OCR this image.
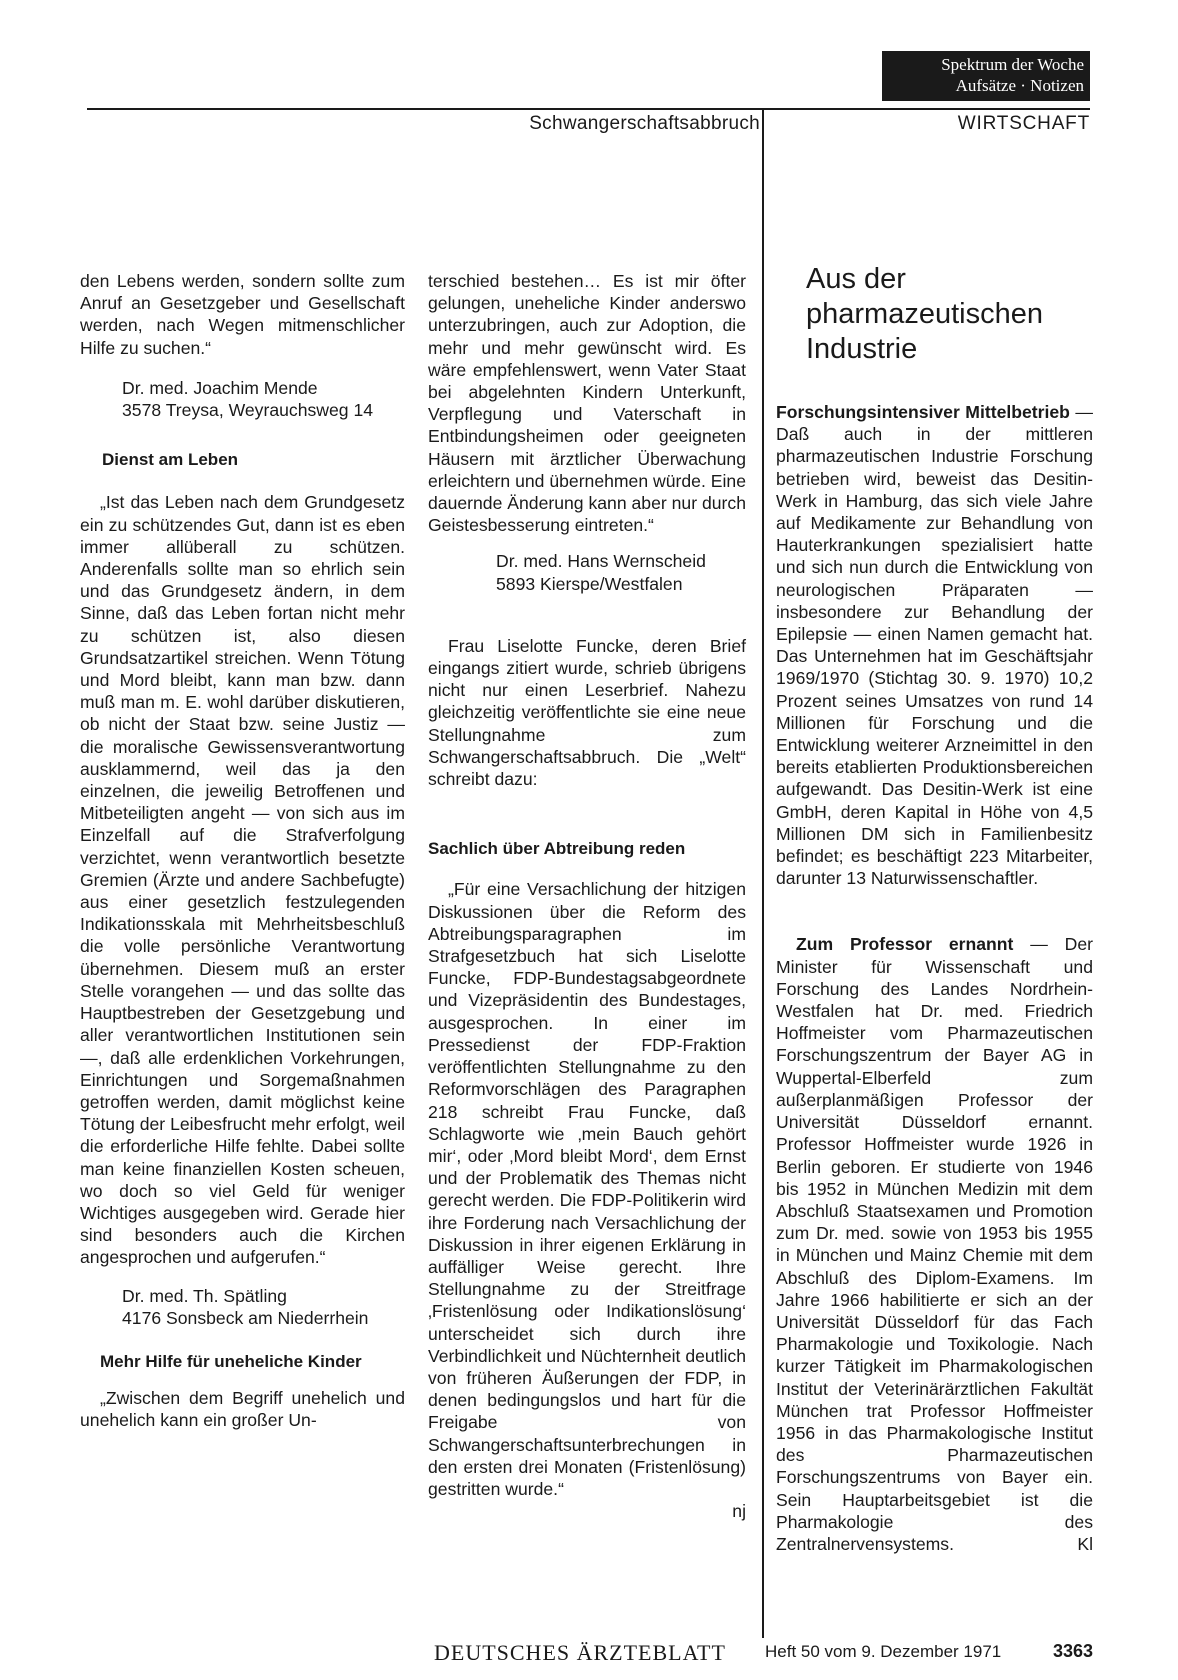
Spektrum der Woche
Aufsätze · Notizen
Schwangerschaftsabbruch	WIRTSCHAFT

den Lebens werden, sondern sollte zum Anruf an Gesetzgeber und Gesellschaft werden, nach Wegen mitmenschlicher Hilfe zu suchen.“

Dr. med. Joachim Mende

3578 Treysa, Weyrauchsweg 14

Dienst am Leben

„Ist das Leben nach dem Grundgesetz ein zu schützendes Gut, dann ist es eben immer allüberall zu schützen. Anderenfalls sollte man so ehrlich sein und das Grundgesetz ändern, in dem Sinne, daß das Leben fortan nicht mehr zu schützen ist, also diesen Grundsatzartikel streichen. Wenn Tötung und Mord bleibt, kann man bzw. dann muß man m. E. wohl darüber diskutieren, ob nicht der Staat bzw. seine Justiz — die moralische Gewissensverantwortung ausklammernd, weil das ja den einzelnen, die jeweilig Betroffenen und Mitbeteiligten angeht — von sich aus im Einzelfall auf die Strafverfolgung verzichtet, wenn verantwortlich besetzte Gremien (Ärzte und andere Sachbefugte) aus einer gesetzlich festzulegenden Indikationsskala mit Mehrheitsbeschluß die volle persönliche Verantwortung übernehmen. Diesem muß an erster Stelle vorangehen — und das sollte das Hauptbestreben der Gesetzgebung und aller verantwortlichen Institutionen sein —, daß alle erdenklichen Vorkehrungen, Einrichtungen und Sorgemaßnahmen getroffen werden, damit möglichst keine Tötung der Leibesfrucht mehr erfolgt, weil die erforderliche Hilfe fehlte. Dabei sollte man keine finanziellen Kosten scheuen, wo doch so viel Geld für weniger Wichtiges ausgegeben wird. Gerade hier sind besonders auch die Kirchen angesprochen und aufgerufen.“

Dr. med. Th. Spätling

4176 Sonsbeck am Niederrhein

Mehr Hilfe für uneheliche Kinder

„Zwischen dem Begriff unehelich und unehelich kann ein großer Un-

terschied bestehen… Es ist mir öfter gelungen, uneheliche Kinder anderswo unterzubringen, auch zur Adoption, die mehr und mehr gewünscht wird. Es wäre empfehlenswert, wenn Vater Staat bei abgelehnten Kindern Unterkunft, Verpflegung und Vaterschaft in Entbindungsheimen oder geeigneten Häusern mit ärztlicher Überwachung erleichtern und übernehmen würde. Eine dauernde Änderung kann aber nur durch Geistesbesserung eintreten.“

Dr. med. Hans Wernscheid

5893 Kierspe/Westfalen

Frau Liselotte Funcke, deren Brief eingangs zitiert wurde, schrieb übrigens nicht nur einen Leserbrief. Nahezu gleichzeitig veröffentlichte sie eine neue Stellungnahme zum Schwangerschaftsabbruch. Die „Welt“ schreibt dazu:

Sachlich über Abtreibung reden

„Für eine Versachlichung der hitzigen Diskussionen über die Reform des Abtreibungsparagraphen im Strafgesetzbuch hat sich Liselotte Funcke, FDP-Bundestagsabgeordnete und Vizepräsidentin des Bundestages, ausgesprochen. In einer im Pressedienst der FDP-Fraktion veröffentlichten Stellungnahme zu den Reformvorschlägen des Paragraphen 218 schreibt Frau Funcke, daß Schlagworte wie ‚mein Bauch gehört mir‘, oder ‚Mord bleibt Mord‘, dem Ernst und der Problematik des Themas nicht gerecht werden. Die FDP-Politikerin wird ihre Forderung nach Versachlichung der Diskussion in ihrer eigenen Erklärung in auffälliger Weise gerecht. Ihre Stellungnahme zu der Streitfrage ‚Fristenlösung oder Indikationslösung‘ unterscheidet sich durch ihre Verbindlichkeit und Nüchternheit deutlich von früheren Äußerungen der FDP, in denen bedingungslos und hart für die Freigabe von Schwangerschaftsunterbrechungen in den ersten drei Monaten (Fristenlösung) gestritten wurde.“

nj

Aus der pharmazeutischen Industrie

Forschungsintensiver Mittelbetrieb — Daß auch in der mittleren pharmazeutischen Industrie Forschung betrieben wird, beweist das Desitin-Werk in Hamburg, das sich viele Jahre auf Medikamente zur Behandlung von Hauterkrankungen spezialisiert hatte und sich nun durch die Entwicklung von neurologischen Präparaten — insbesondere zur Behandlung der Epilepsie — einen Namen gemacht hat. Das Unternehmen hat im Geschäftsjahr 1969/1970 (Stichtag 30. 9. 1970) 10,2 Prozent seines Umsatzes von rund 14 Millionen für Forschung und die Entwicklung weiterer Arzneimittel in den bereits etablierten Produktionsbereichen aufgewandt. Das Desitin-Werk ist eine GmbH, deren Kapital in Höhe von 4,5 Millionen DM sich in Familienbesitz befindet; es beschäftigt 223 Mitarbeiter, darunter 13 Naturwissenschaftler.

Zum Professor ernannt — Der Minister für Wissenschaft und Forschung des Landes Nordrhein-Westfalen hat Dr. med. Friedrich Hoffmeister vom Pharmazeutischen Forschungszentrum der Bayer AG in Wuppertal-Elberfeld zum außerplanmäßigen Professor der Universität Düsseldorf ernannt. Professor Hoffmeister wurde 1926 in Berlin geboren. Er studierte von 1946 bis 1952 in München Medizin mit dem Abschluß Staatsexamen und Promotion zum Dr. med. sowie von 1953 bis 1955 in München und Mainz Chemie mit dem Abschluß des Diplom-Examens. Im Jahre 1966 habilitierte er sich an der Universität Düsseldorf für das Fach Pharmakologie und Toxikologie. Nach kurzer Tätigkeit im Pharmakologischen Institut der Veterinärärztlichen Fakultät München trat Professor Hoffmeister 1956 in das Pharmakologische Institut des Pharmazeutischen Forschungszentrums von Bayer ein. Sein Hauptarbeitsgebiet ist die Pharmakologie des Zentralnervensystems.	Kl

DEUTSCHES ÄRZTEBLATT Heft 50 vom 9. Dezember 1971	3363
